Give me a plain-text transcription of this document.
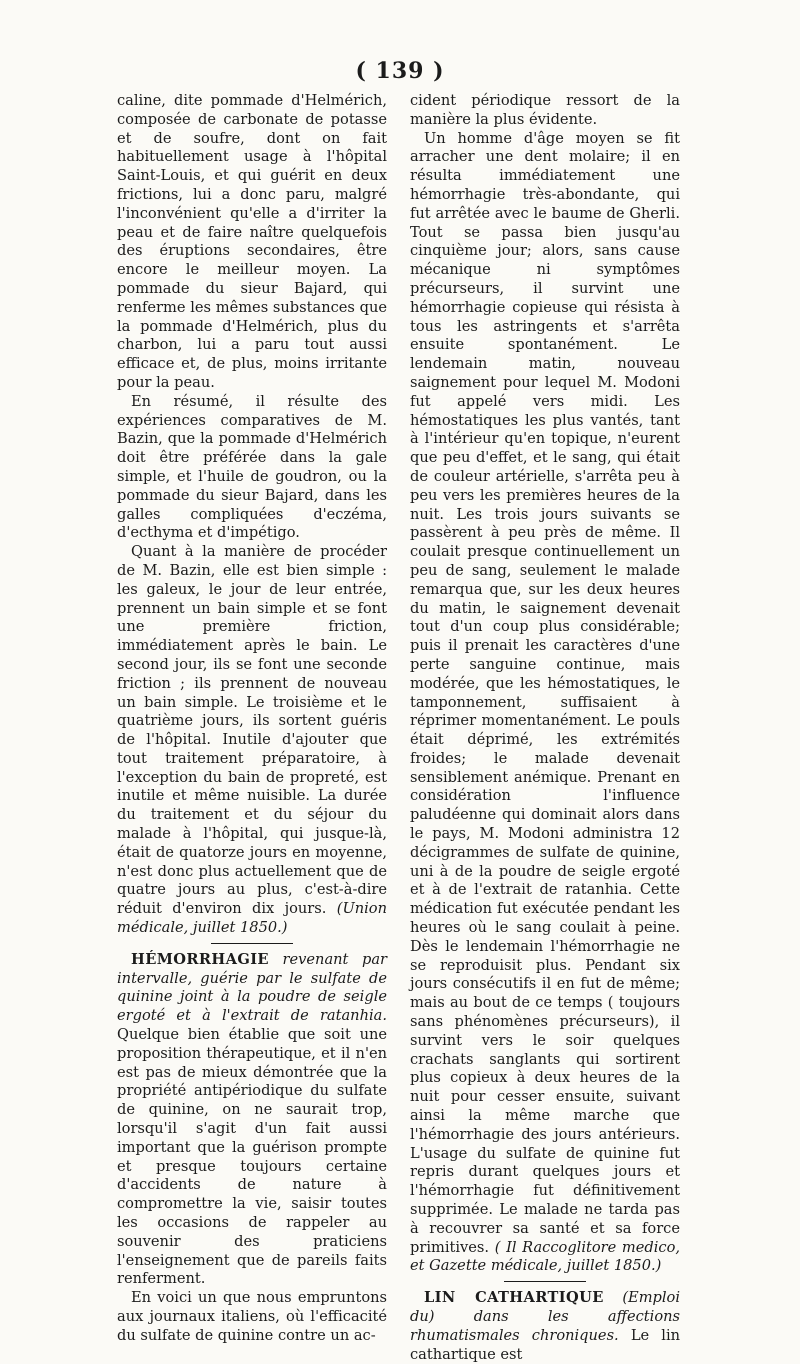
( 139 )

caline, dite pommade d'Helmérich, composée de carbonate de potasse et de soufre, dont on fait habituellement usage à l'hôpital Saint-Louis, et qui guérit en deux frictions, lui a donc paru, malgré l'inconvénient qu'elle a d'irriter la peau et de faire naître quelquefois des éruptions secondaires, être encore le meilleur moyen. La pommade du sieur Bajard, qui renferme les mêmes substances que la pommade d'Helmérich, plus du charbon, lui a paru tout aussi efficace et, de plus, moins irritante pour la peau.

En résumé, il résulte des expériences comparatives de M. Bazin, que la pommade d'Helmérich doit être préférée dans la gale simple, et l'huile de goudron, ou la pommade du sieur Bajard, dans les galles compliquées d'eczéma, d'ecthyma et d'impétigo.

Quant à la manière de procéder de M. Bazin, elle est bien simple : les galeux, le jour de leur entrée, prennent un bain simple et se font une première friction, immédiatement après le bain. Le second jour, ils se font une seconde friction ; ils prennent de nouveau un bain simple. Le troisième et le quatrième jours, ils sortent guéris de l'hôpital. Inutile d'ajouter que tout traitement préparatoire, à l'exception du bain de propreté, est inutile et même nuisible. La durée du traitement et du séjour du malade à l'hôpital, qui jusque-là, était de quatorze jours en moyenne, n'est donc plus actuellement que de quatre jours au plus, c'est-à-dire réduit d'environ dix jours. (Union médicale, juillet 1850.)

HÉMORRHAGIE revenant par intervalle, guérie par le sulfate de quinine joint à la poudre de seigle ergoté et à l'extrait de ratanhia. Quelque bien établie que soit une proposition thérapeutique, et il n'en est pas de mieux démontrée que la propriété antipériodique du sulfate de quinine, on ne saurait trop, lorsqu'il s'agit d'un fait aussi important que la guérison prompte et presque toujours certaine d'accidents de nature à compromettre la vie, saisir toutes les occasions de rappeler au souvenir des praticiens l'enseignement que de pareils faits renferment.

En voici un que nous empruntons aux journaux italiens, où l'efficacité du sulfate de quinine contre un ac-

cident périodique ressort de la manière la plus évidente.

Un homme d'âge moyen se fit arracher une dent molaire; il en résulta immédiatement une hémorrhagie très-abondante, qui fut arrêtée avec le baume de Gherli. Tout se passa bien jusqu'au cinquième jour; alors, sans cause mécanique ni symptômes précurseurs, il survint une hémorrhagie copieuse qui résista à tous les astringents et s'arrêta ensuite spontanément. Le lendemain matin, nouveau saignement pour lequel M. Modoni fut appelé vers midi. Les hémostatiques les plus vantés, tant à l'intérieur qu'en topique, n'eurent que peu d'effet, et le sang, qui était de couleur artérielle, s'arrêta peu à peu vers les premières heures de la nuit. Les trois jours suivants se passèrent à peu près de même. Il coulait presque continuellement un peu de sang, seulement le malade remarqua que, sur les deux heures du matin, le saignement devenait tout d'un coup plus considérable; puis il prenait les caractères d'une perte sanguine continue, mais modérée, que les hémostatiques, le tamponnement, suffisaient à réprimer momentanément. Le pouls était déprimé, les extrémités froides; le malade devenait sensiblement anémique. Prenant en considération l'influence paludéenne qui dominait alors dans le pays, M. Modoni administra 12 décigrammes de sulfate de quinine, uni à de la poudre de seigle ergoté et à de l'extrait de ratanhia. Cette médication fut exécutée pendant les heures où le sang coulait à peine. Dès le lendemain l'hémorrhagie ne se reproduisit plus. Pendant six jours consécutifs il en fut de même; mais au bout de ce temps ( toujours sans phénomènes précurseurs), il survint vers le soir quelques crachats sanglants qui sortirent plus copieux à deux heures de la nuit pour cesser ensuite, suivant ainsi la même marche que l'hémorrhagie des jours antérieurs. L'usage du sulfate de quinine fut repris durant quelques jours et l'hémorrhagie fut définitivement supprimée. Le malade ne tarda pas à recouvrer sa santé et sa force primitives. ( Il Raccoglitore medico, et Gazette médicale, juillet 1850.)

LIN CATHARTIQUE (Emploi du) dans les affections rhumatismales chroniques. Le lin cathartique est
